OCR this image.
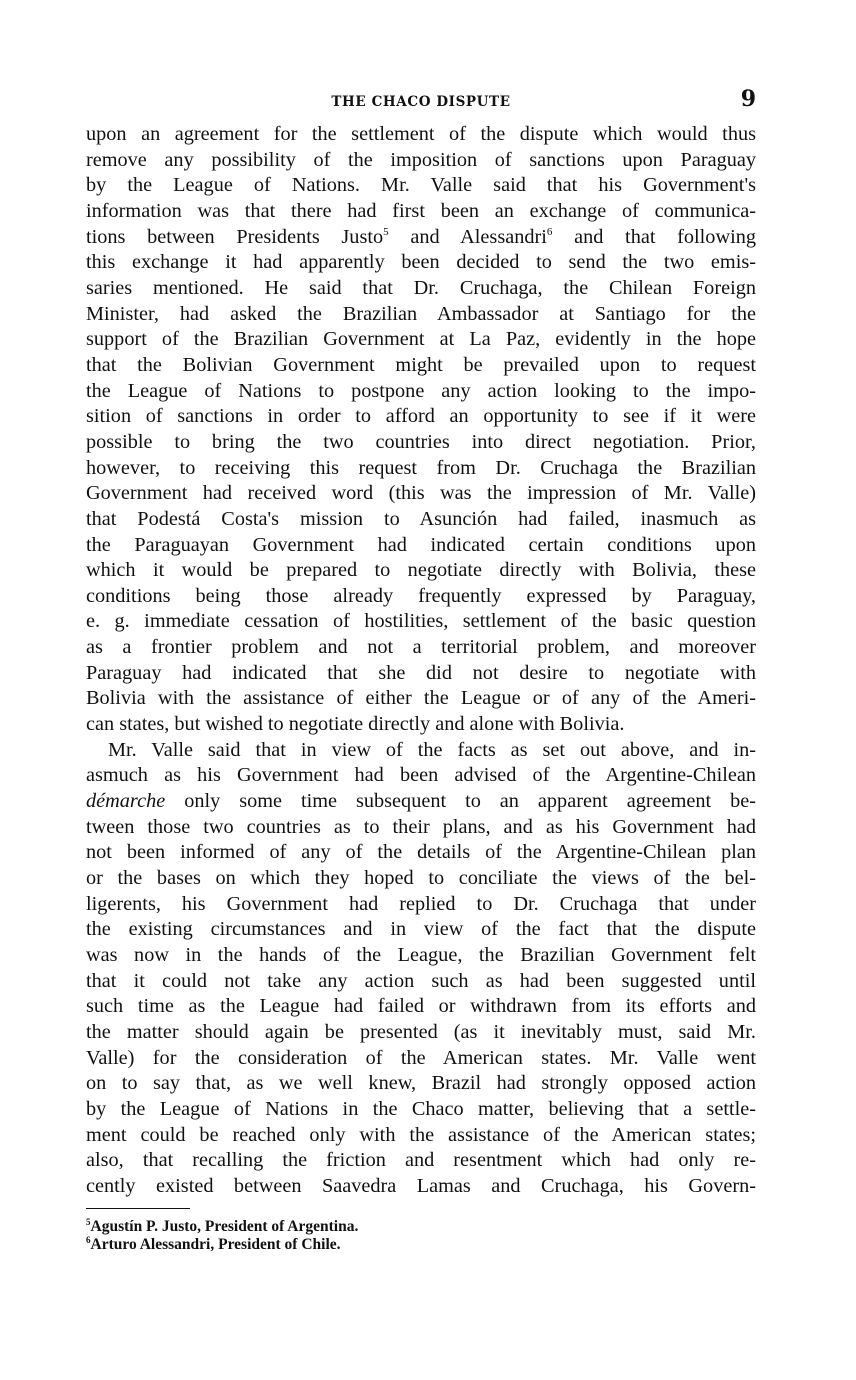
THE CHACO DISPUTE	9
upon an agreement for the settlement of the dispute which would thus
remove any possibility of the imposition of sanctions upon Paraguay
by the League of Nations. Mr. Valle said that his Government's
information was that there had first been an exchange of communica-
tions between Presidents Justo$^5$ and Alessandri$^6$ and that following
this exchange it had apparently been decided to send the two emis-
saries mentioned. He said that Dr. Cruchaga, the Chilean Foreign
Minister, had asked the Brazilian Ambassador at Santiago for the
support of the Brazilian Government at La Paz, evidently in the hope
that the Bolivian Government might be prevailed upon to request
the League of Nations to postpone any action looking to the impo-
sition of sanctions in order to afford an opportunity to see if it were
possible to bring the two countries into direct negotiation. Prior,
however, to receiving this request from Dr. Cruchaga the Brazilian
Government had received word (this was the impression of Mr. Valle)
that Podestá Costa's mission to Asunción had failed, inasmuch as
the Paraguayan Government had indicated certain conditions upon
which it would be prepared to negotiate directly with Bolivia, these
conditions being those already frequently expressed by Paraguay,
e. g. immediate cessation of hostilities, settlement of the basic question
as a frontier problem and not a territorial problem, and moreover
Paraguay had indicated that she did not desire to negotiate with
Bolivia with the assistance of either the League or of any of the Ameri-
can states, but wished to negotiate directly and alone with Bolivia.
Mr. Valle said that in view of the facts as set out above, and in-
asmuch as his Government had been advised of the Argentine-Chilean
démarche only some time subsequent to an apparent agreement be-
tween those two countries as to their plans, and as his Government had
not been informed of any of the details of the Argentine-Chilean plan
or the bases on which they hoped to conciliate the views of the bel-
ligerents, his Government had replied to Dr. Cruchaga that under
the existing circumstances and in view of the fact that the dispute
was now in the hands of the League, the Brazilian Government felt
that it could not take any action such as had been suggested until
such time as the League had failed or withdrawn from its efforts and
the matter should again be presented (as it inevitably must, said Mr.
Valle) for the consideration of the American states. Mr. Valle went
on to say that, as we well knew, Brazil had strongly opposed action
by the League of Nations in the Chaco matter, believing that a settle-
ment could be reached only with the assistance of the American states;
also, that recalling the friction and resentment which had only re-
cently existed between Saavedra Lamas and Cruchaga, his Govern-
$^5$Agustín P. Justo, President of Argentina.
$^6$Arturo Alessandri, President of Chile.
